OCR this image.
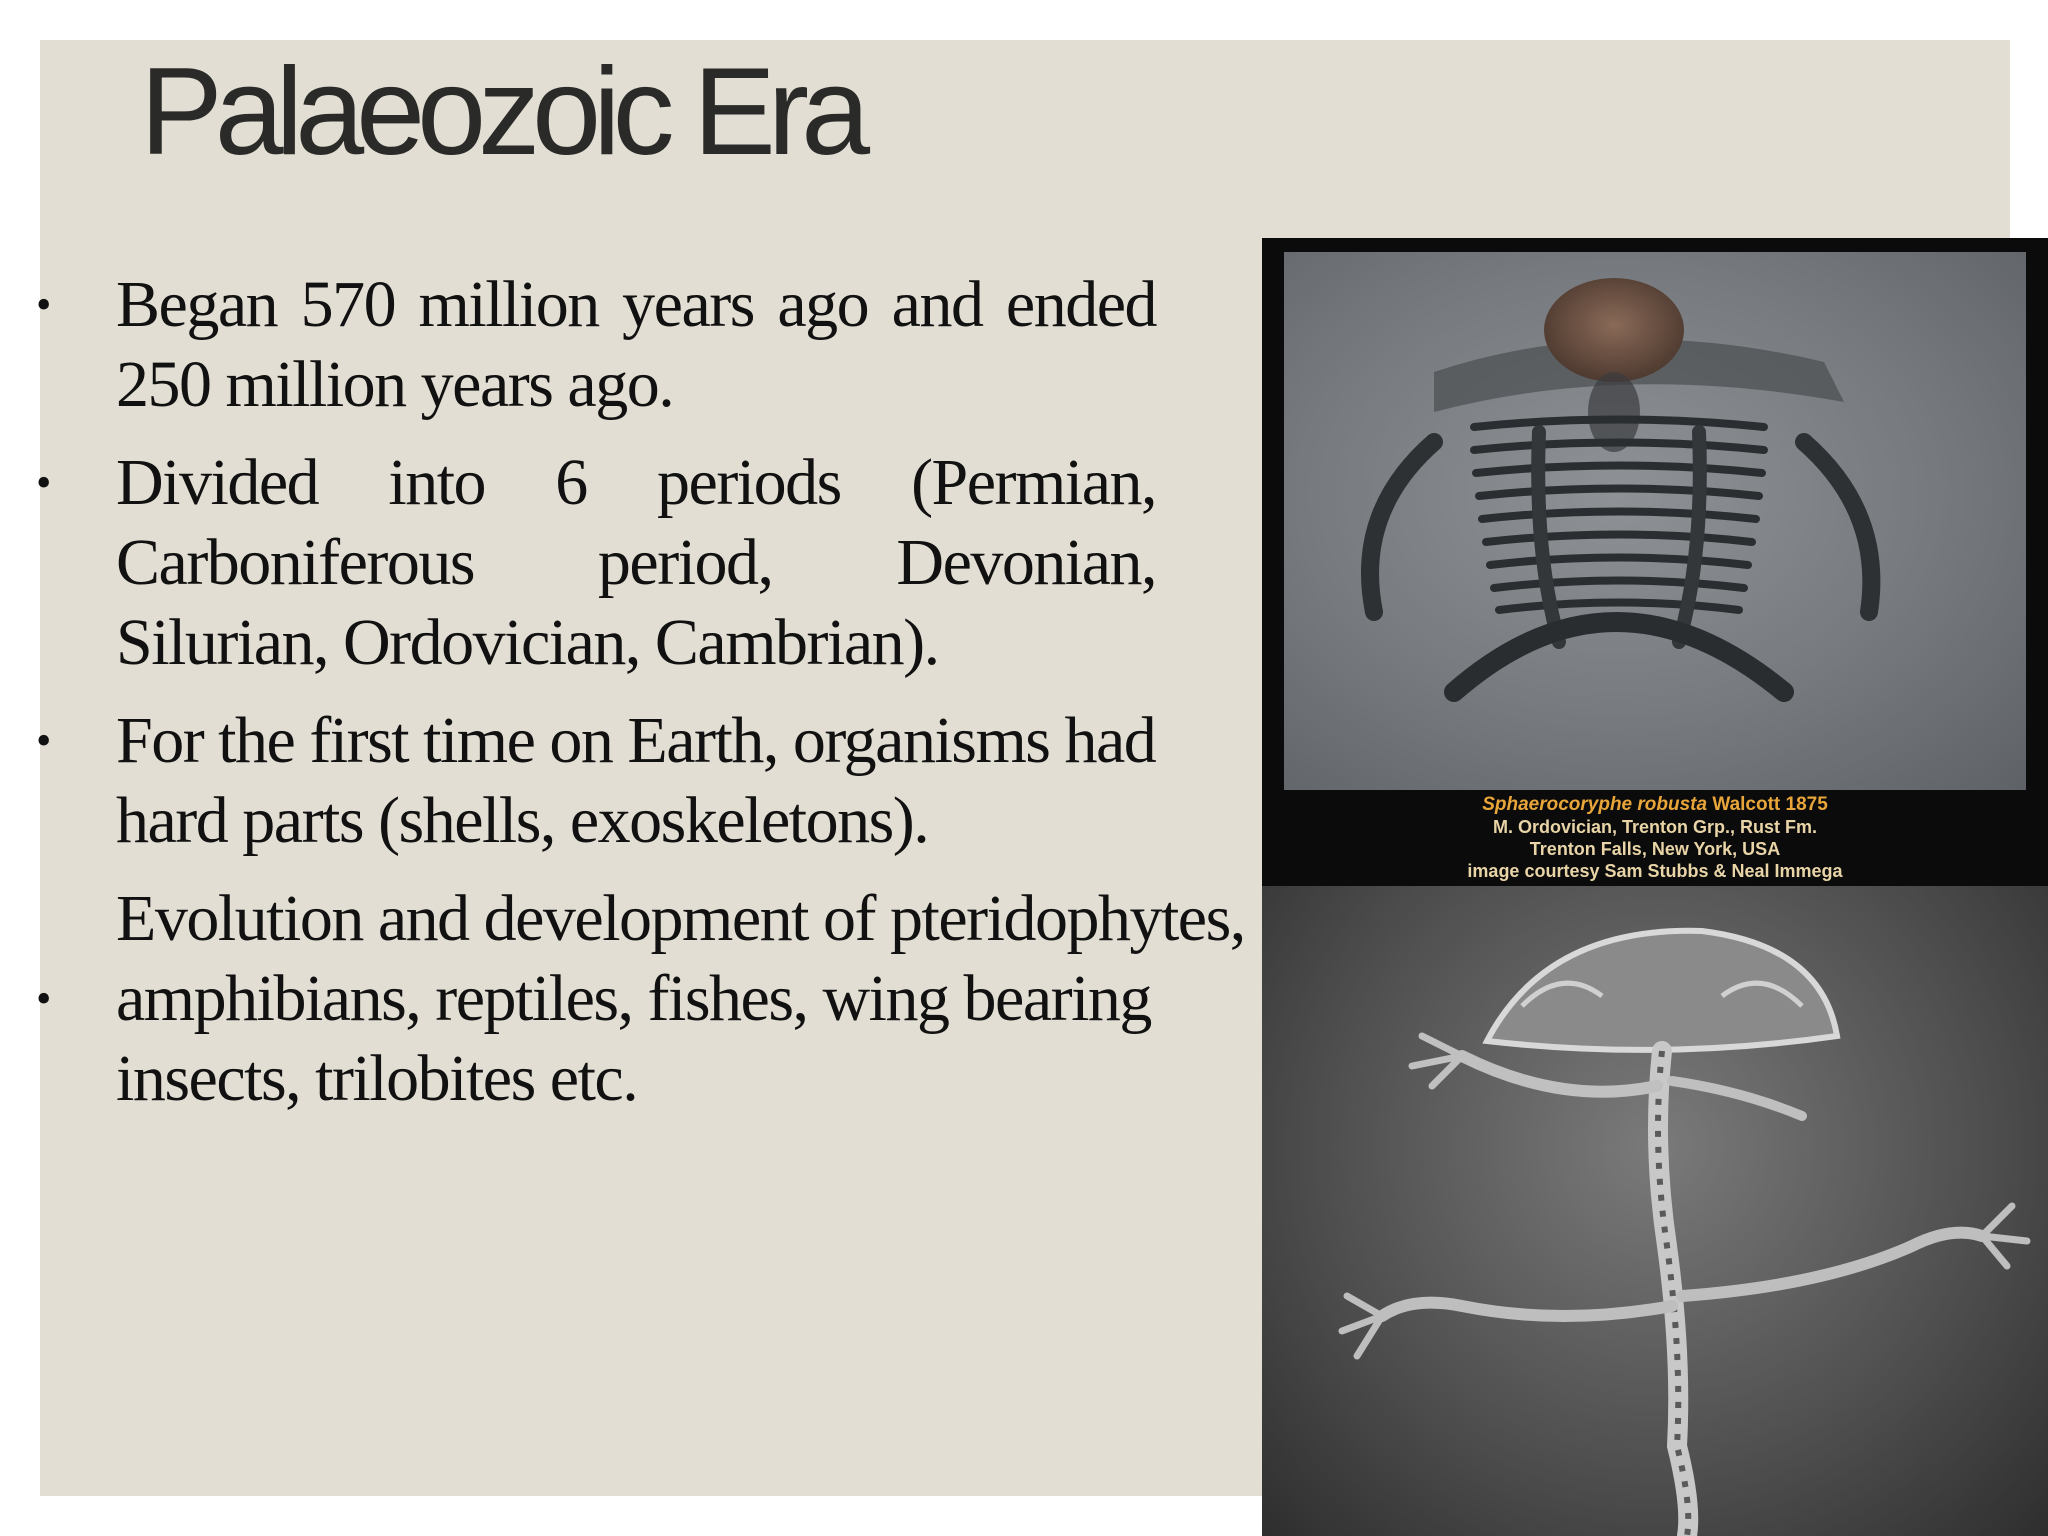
Palaeozoic Era
•	Began 570 million years ago and ended 250 million years ago.
•	Divided into 6 periods (Permian, Carboniferous period, Devonian, Silurian, Ordovician, Cambrian).
•	For the first time on Earth, organisms had hard parts (shells, exoskeletons).
•
Evolution and development of pteridophytes, amphibians, reptiles, fishes, wing bearing insects, trilobites etc.
Sphaerocoryphe robusta Walcott 1875
M. Ordovician, Trenton Grp., Rust Fm.
Trenton Falls, New York, USA
image courtesy Sam Stubbs & Neal Immega
